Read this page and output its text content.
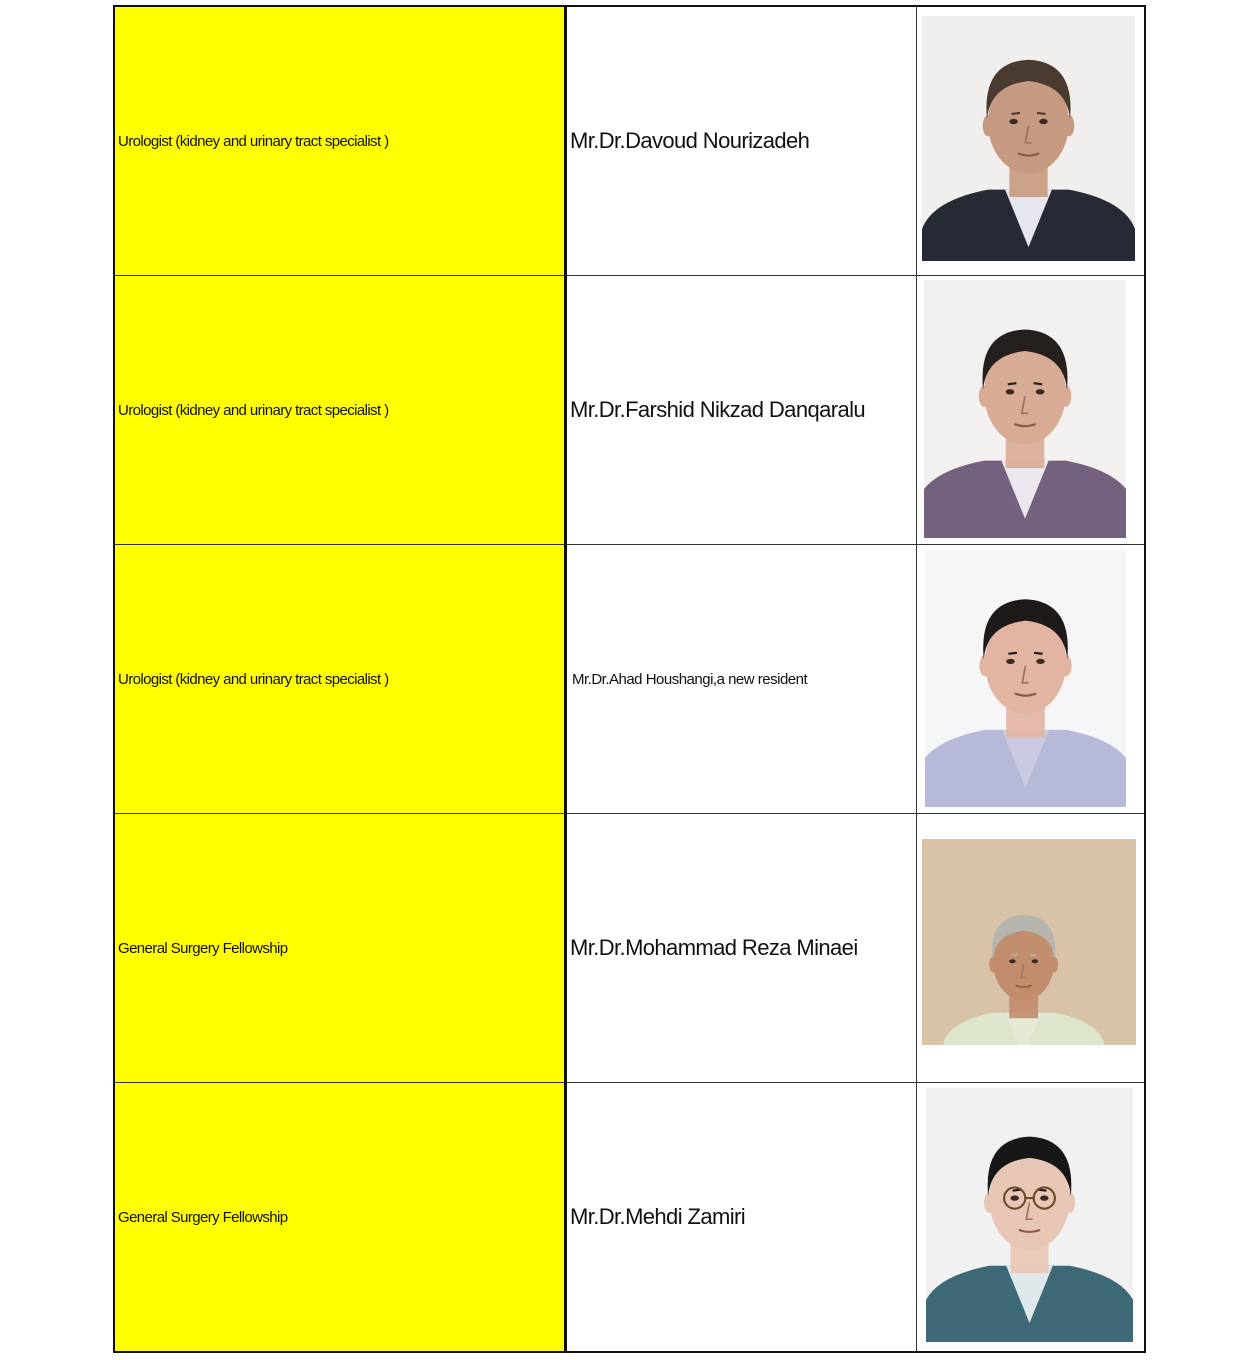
Urologist (kidney and urinary tract specialist )	Mr.Dr.Davoud Nourizadeh	

Urologist (kidney and urinary tract specialist )	Mr.Dr.Farshid Nikzad Danqaralu	

Urologist (kidney and urinary tract specialist )	Mr.Dr.Ahad Houshangi,a new resident	

General Surgery Fellowship	Mr.Dr.Mohammad Reza Minaei	

General Surgery Fellowship	Mr.Dr.Mehdi Zamiri	
